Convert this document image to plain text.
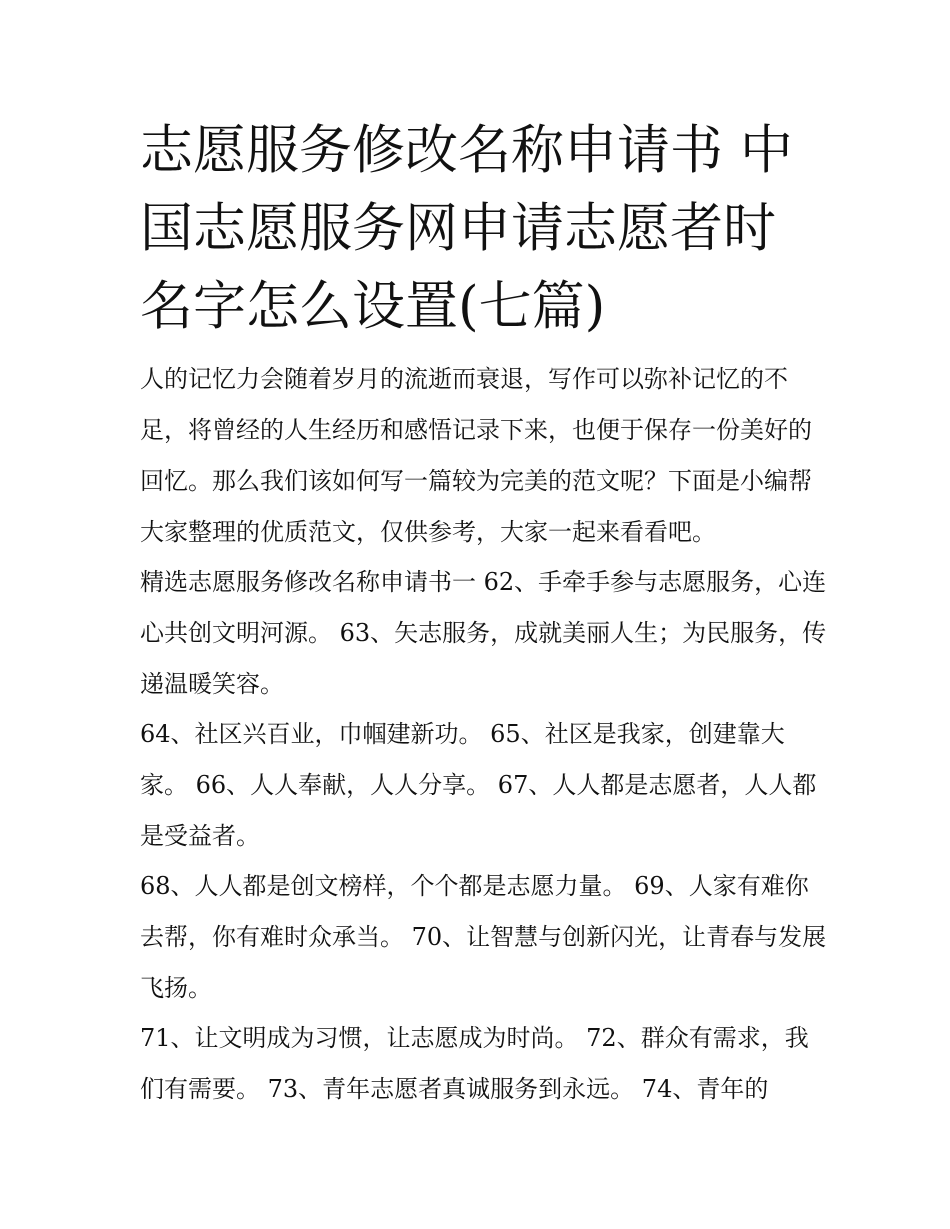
志愿服务修改名称申请书 中国志愿服务网申请志愿者时名字怎么设置(七篇)

人的记忆力会随着岁月的流逝而衰退，写作可以弥补记忆的不足，将曾经的人生经历和感悟记录下来，也便于保存一份美好的回忆。那么我们该如何写一篇较为完美的范文呢？下面是小编帮大家整理的优质范文，仅供参考，大家一起来看看吧。

精选志愿服务修改名称申请书一 62、手牵手参与志愿服务，心连心共创文明河源。 63、矢志服务，成就美丽人生；为民服务，传递温暖笑容。

64、社区兴百业，巾帼建新功。 65、社区是我家，创建靠大家。 66、人人奉献，人人分享。 67、人人都是志愿者，人人都是受益者。

68、人人都是创文榜样，个个都是志愿力量。 69、人家有难你去帮，你有难时众承当。 70、让智慧与创新闪光，让青春与发展飞扬。

71、让文明成为习惯，让志愿成为时尚。 72、群众有需求，我们有需要。 73、青年志愿者真诚服务到永远。 74、青年的
